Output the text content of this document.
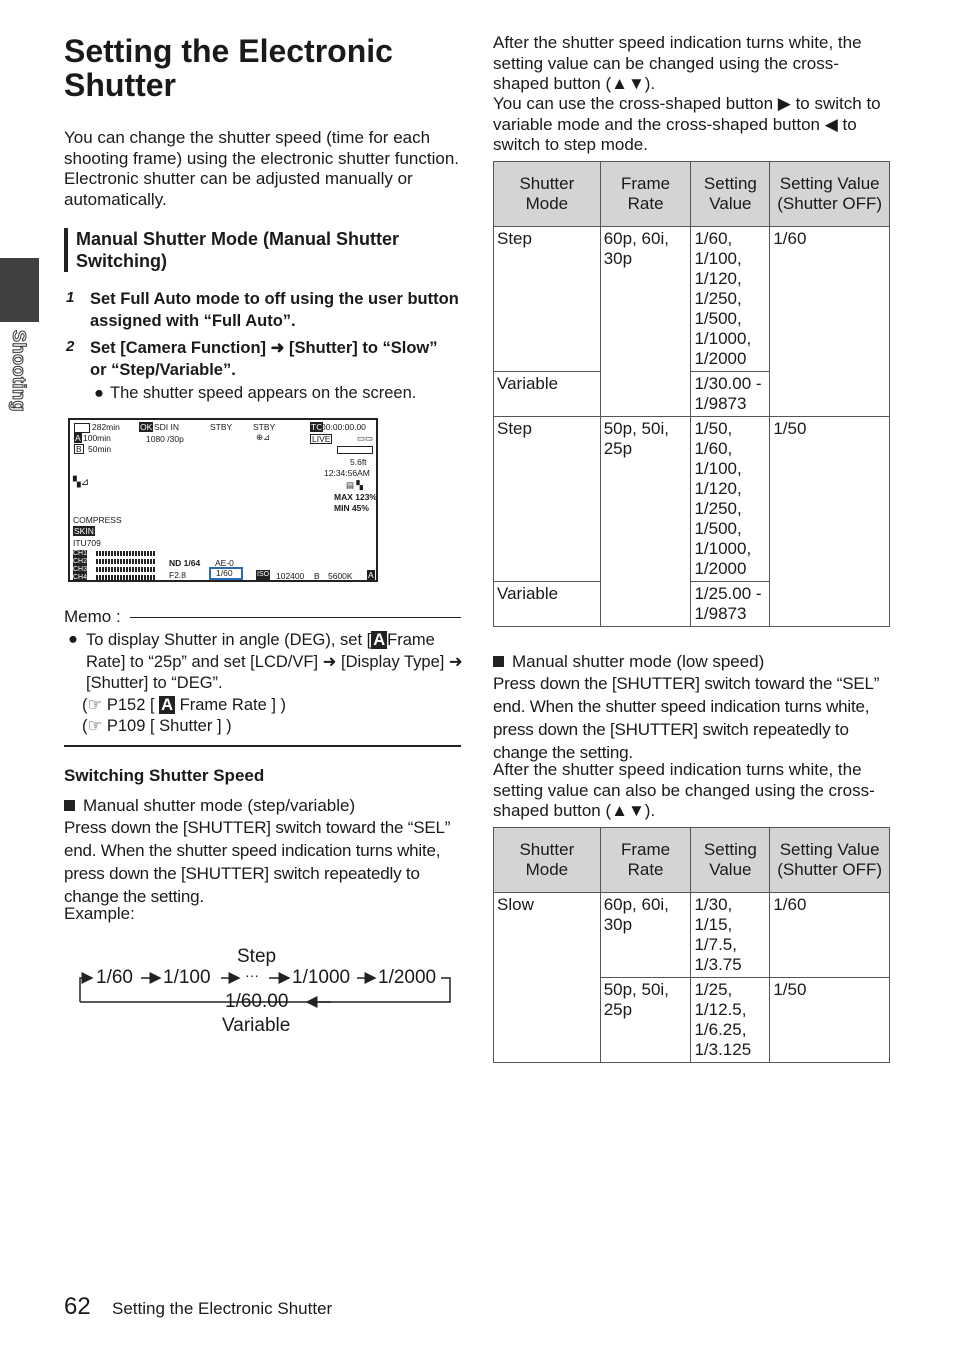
Shooting
Setting the Electronic Shutter

You can change the shutter speed (time for each shooting frame) using the electronic shutter function. Electronic shutter can be adjusted manually or automatically.

Manual Shutter Mode (Manual Shutter Switching)
1 Set Full Auto mode to off using the user button assigned with “Full Auto”.
2 Set [Camera Function] ➜ [Shutter] to “Slow” or “Step/Variable”.
● The shutter speed appears on the screen.
282min
A 100min
B 50min
OK SDI IN
1080 /30p
STBY STBY
⊕⊿
TC
00:00:00.00
LIVE	▭▭
5.6ft
12:34:56AM
▤ ▚
MAX 123%
MIN 45%
▚⊿
COMPRESS
SKIN
ITU709
CH1
CH2
CH3
CH4
ND 1/64
F2.8
AE-0
1/60	ISO 102400 B 5600K A
Memo :
● To display Shutter in angle (DEG), set [ A Frame Rate] to “25p” and set [LCD/VF] ➜ [Display Type] ➜ [Shutter] to “DEG”.
(☞ P152 [ A Frame Rate ] )
(☞ P109 [ Shutter ] )
Switching Shutter Speed
Manual shutter mode (step/variable)

Press down the [SHUTTER] switch toward the “SEL” end. When the shutter speed indication turns white, press down the [SHUTTER] switch repeatedly to change the setting.

Example:
Step
1/60 1/100 ··· 1/1000 1/2000
1/60.00
Variable

After the shutter speed indication turns white, the setting value can be changed using the cross-shaped button (▲▼).

You can use the cross-shaped button ▶ to switch to variable mode and the cross-shaped button ◀ to switch to step mode.

Shutter Mode	Frame Rate	Setting Value	Setting Value (Shutter OFF)
Step	60p, 60i, 30p	1/60, 1/100, 1/120, 1/250, 1/500, 1/1000, 1/2000	1/60
Variable		1/30.00 - 1/9873	
Step	50p, 50i, 25p	1/50, 1/60, 1/100, 1/120, 1/250, 1/500, 1/1000, 1/2000	1/50
Variable		1/25.00 - 1/9873	
Manual shutter mode (low speed)

Press down the [SHUTTER] switch toward the “SEL” end. When the shutter speed indication turns white, press down the [SHUTTER] switch repeatedly to change the setting.

After the shutter speed indication turns white, the setting value can also be changed using the cross-shaped button (▲▼).

Shutter Mode	Frame Rate	Setting Value	Setting Value (Shutter OFF)
Slow	60p, 60i, 30p	1/30, 1/15, 1/7.5, 1/3.75	1/60
	50p, 50i, 25p	1/25, 1/12.5, 1/6.25, 1/3.125	1/50
62 Setting the Electronic Shutter
